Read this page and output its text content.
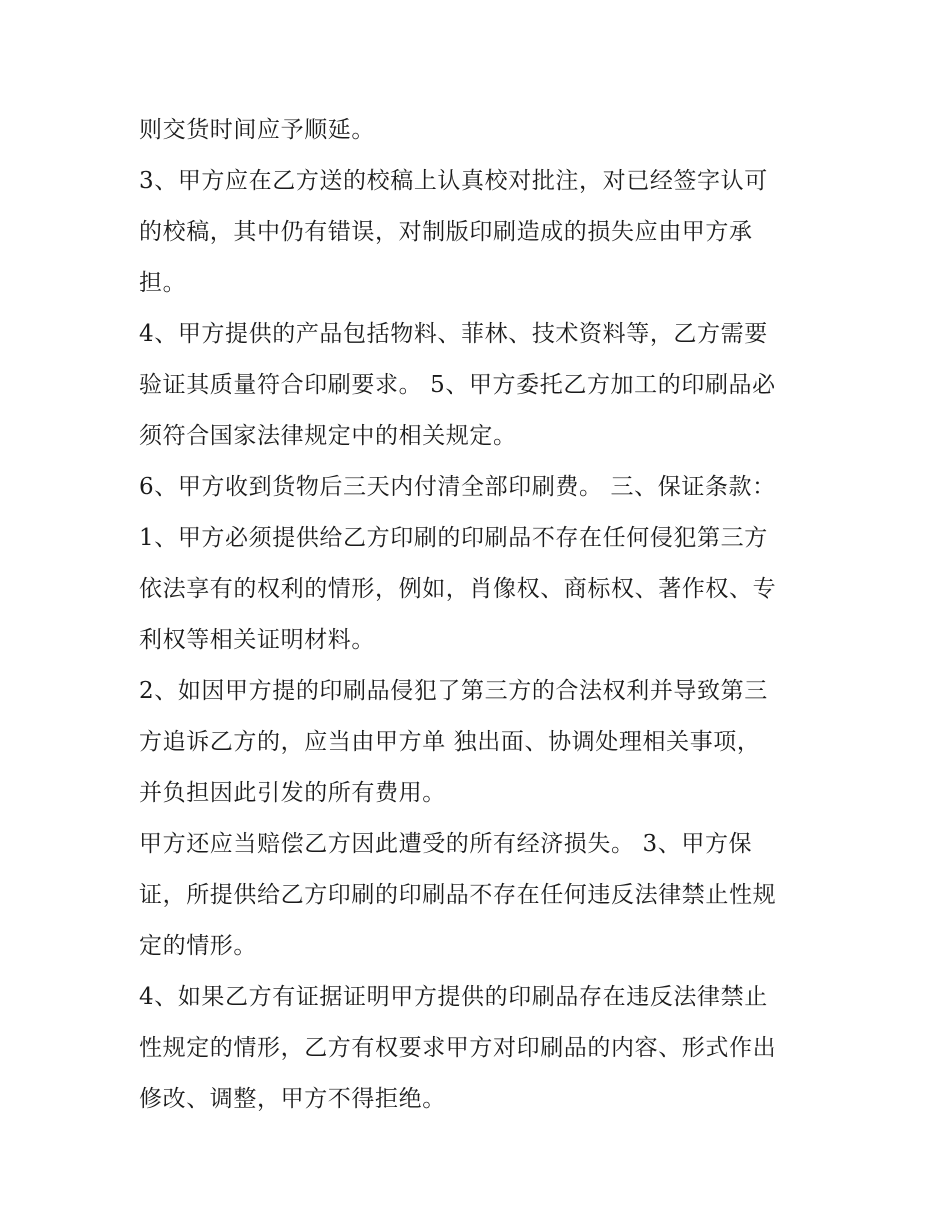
则交货时间应予顺延。
3、甲方应在乙方送的校稿上认真校对批注，对已经签字认可
的校稿，其中仍有错误，对制版印刷造成的损失应由甲方承
担。
4、甲方提供的产品包括物料、菲林、技术资料等，乙方需要
验证其质量符合印刷要求。 5、甲方委托乙方加工的印刷品必
须符合国家法律规定中的相关规定。
6、甲方收到货物后三天内付清全部印刷费。 三、保证条款：
1、甲方必须提供给乙方印刷的印刷品不存在任何侵犯第三方
依法享有的权利的情形，例如，肖像权、商标权、著作权、专
利权等相关证明材料。
2、如因甲方提的印刷品侵犯了第三方的合法权利并导致第三
方追诉乙方的，应当由甲方单 独出面、协调处理相关事项，
并负担因此引发的所有费用。
甲方还应当赔偿乙方因此遭受的所有经济损失。 3、甲方保
证，所提供给乙方印刷的印刷品不存在任何违反法律禁止性规
定的情形。
4、如果乙方有证据证明甲方提供的印刷品存在违反法律禁止
性规定的情形，乙方有权要求甲方对印刷品的内容、形式作出
修改、调整，甲方不得拒绝。
